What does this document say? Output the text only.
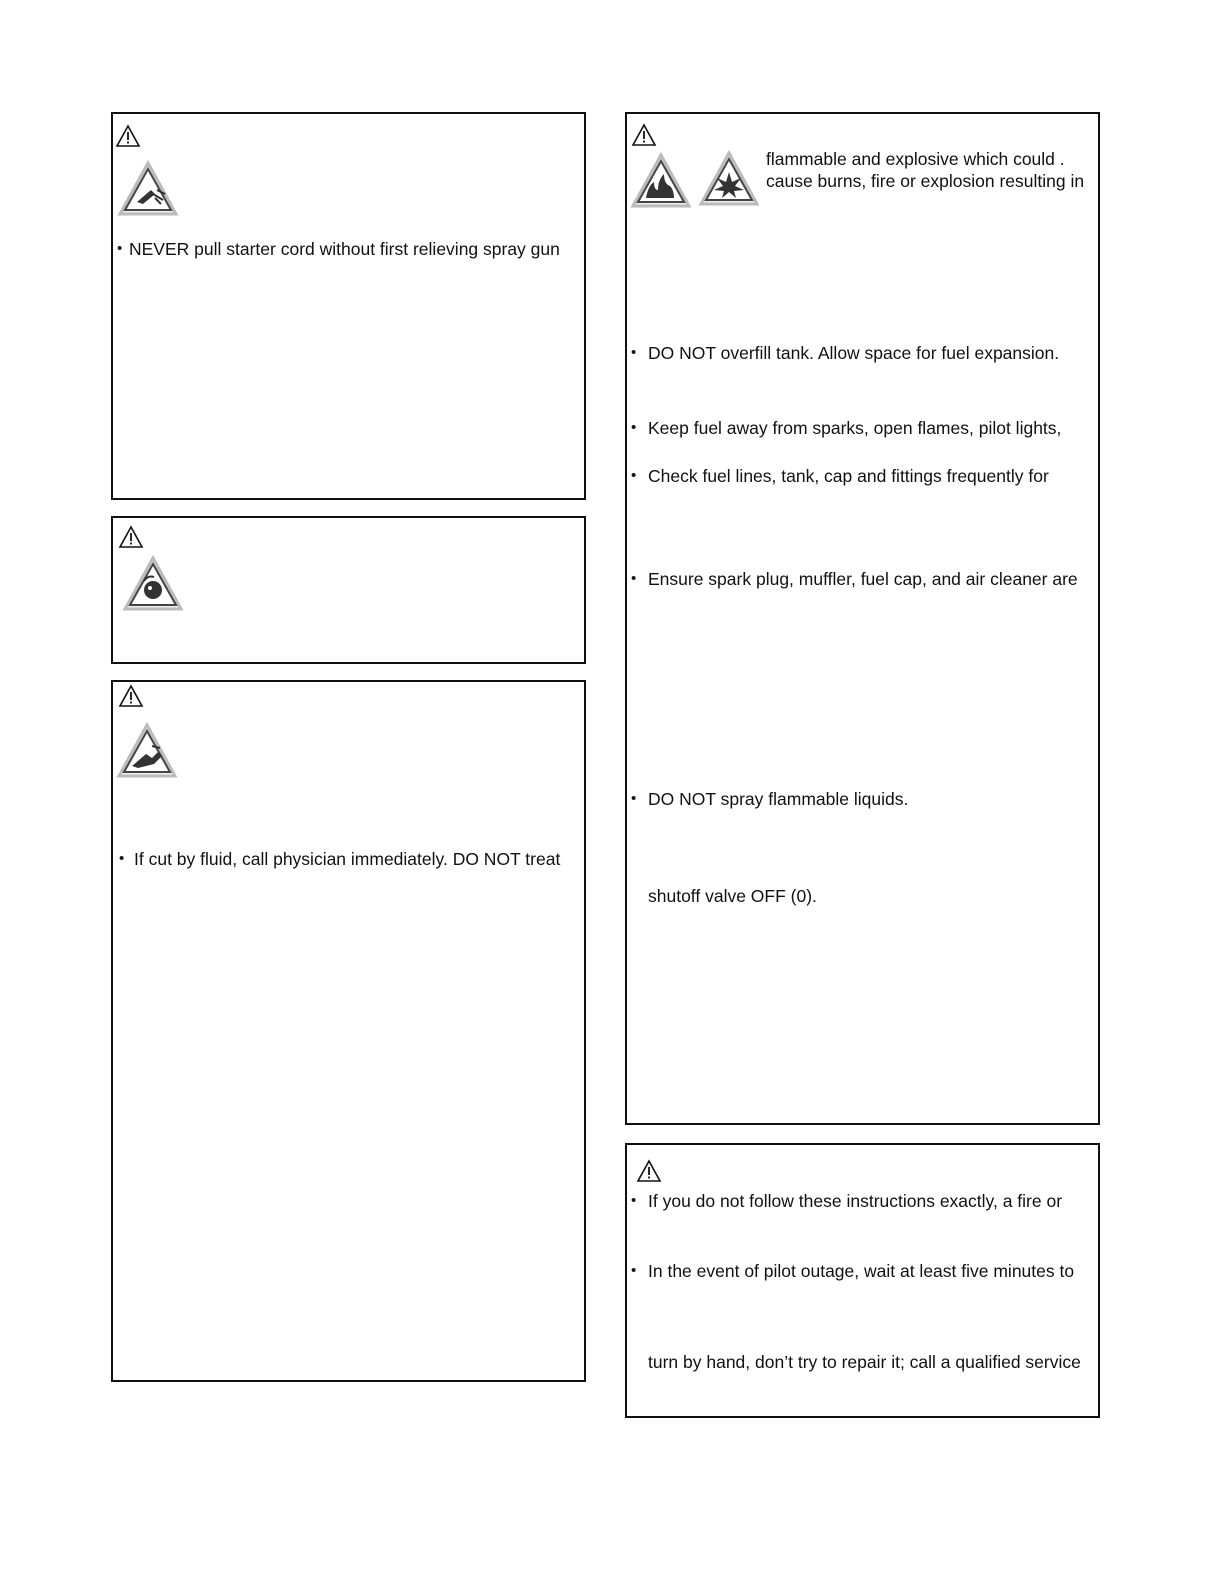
• NEVER pull starter cord without first relieving spray gun
• If cut by fluid, call physician immediately. DO NOT treat
flammable and explosive which could .
cause burns, fire or explosion resulting in
• DO NOT overfill tank. Allow space for fuel expansion.
• Keep fuel away from sparks, open flames, pilot lights,
• Check fuel lines, tank, cap and fittings frequently for
• Ensure spark plug, muffler, fuel cap, and air cleaner are
• DO NOT spray flammable liquids.
shutoff valve OFF (0).
• If you do not follow these instructions exactly, a fire or
• In the event of pilot outage, wait at least five minutes to
turn by hand, don’t try to repair it; call a qualified service
